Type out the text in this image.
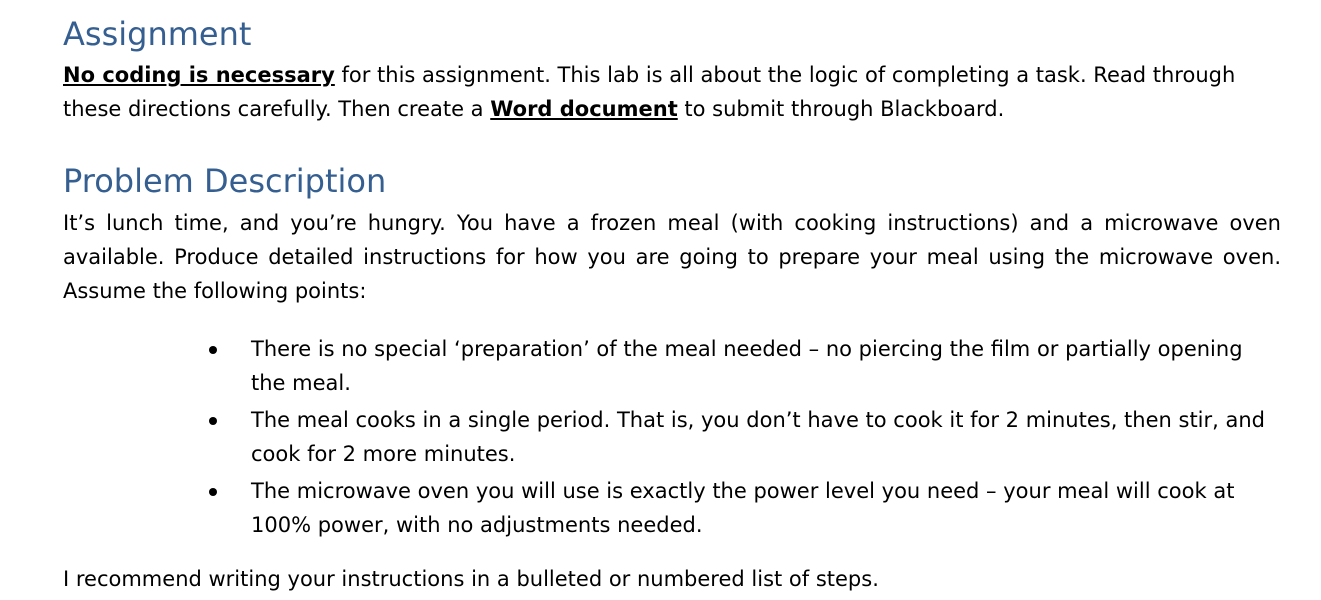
Assignment

No coding is necessary for this assignment. This lab is all about the logic of completing a task. Read through these directions carefully. Then create a Word document to submit through Blackboard.

Problem Description

It’s lunch time, and you’re hungry. You have a frozen meal (with cooking instructions) and a microwave oven available. Produce detailed instructions for how you are going to prepare your meal using the microwave oven. Assume the following points:

There is no special ‘preparation’ of the meal needed – no piercing the film or partially opening the meal.
The meal cooks in a single period. That is, you don’t have to cook it for 2 minutes, then stir, and cook for 2 more minutes.
The microwave oven you will use is exactly the power level you need – your meal will cook at 100% power, with no adjustments needed.

I recommend writing your instructions in a bulleted or numbered list of steps.
